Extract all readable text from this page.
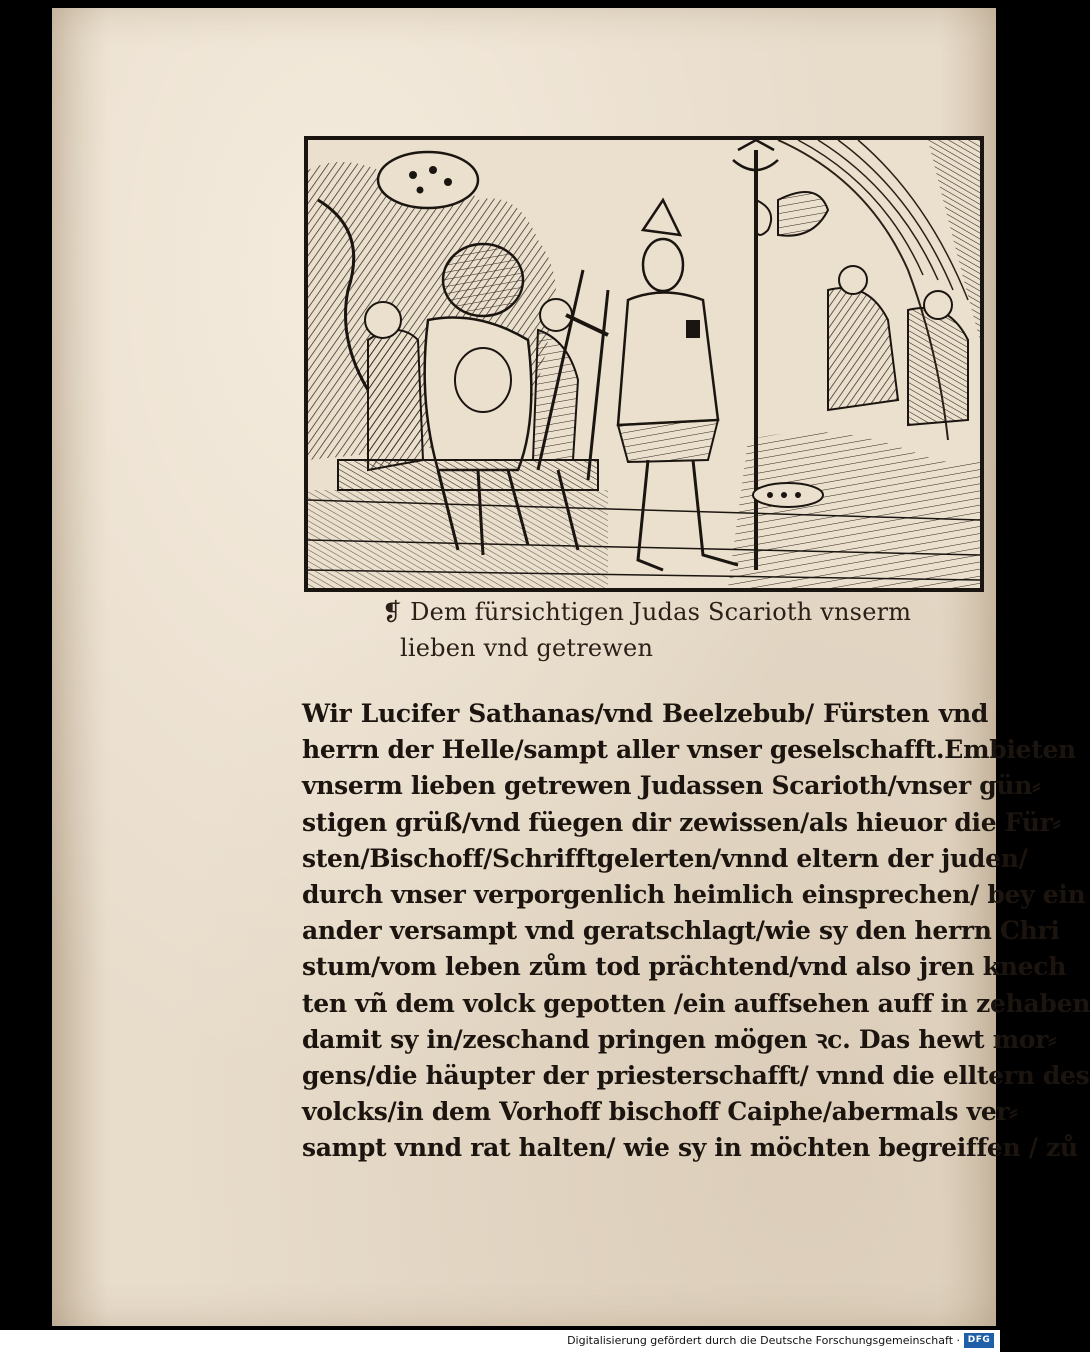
❡ Dem fürsichtigen Judas Scarioth vnserm
lieben vnd getrewen
Wir Lucifer Sathanas/vnd Beelzebub/ Fürsten vnd
herrn der Helle/sampt aller vnser geselschafft.Embieten
vnserm lieben getrewen Judassen Scarioth/vnser gün⸗
stigen grüß/vnd füegen dir zewissen/als hieuor die Für⸗
sten/Bischoff/Schrifftgelerten/vnnd eltern der juden/
durch vnser verporgenlich heimlich einsprechen/ bey ein
ander versampt vnd geratschlagt/wie sy den herrn Chri
stum/vom leben zům tod prächtend/vnd also jren knech
ten vñ dem volck gepotten /ein auffsehen auff in zehaben
damit sy in/zeschand pringen mögen ꝛc. Das hewt mor⸗
gens/die häupter der priesterschafft/ vnnd die elltern des
volcks/in dem Vorhoff bischoff Caiphe/abermals ver⸗
sampt vnnd rat halten/ wie sy in möchten begreiffen / zů
Digitalisierung gefördert durch die Deutsche Forschungsgemeinschaft · DFG
